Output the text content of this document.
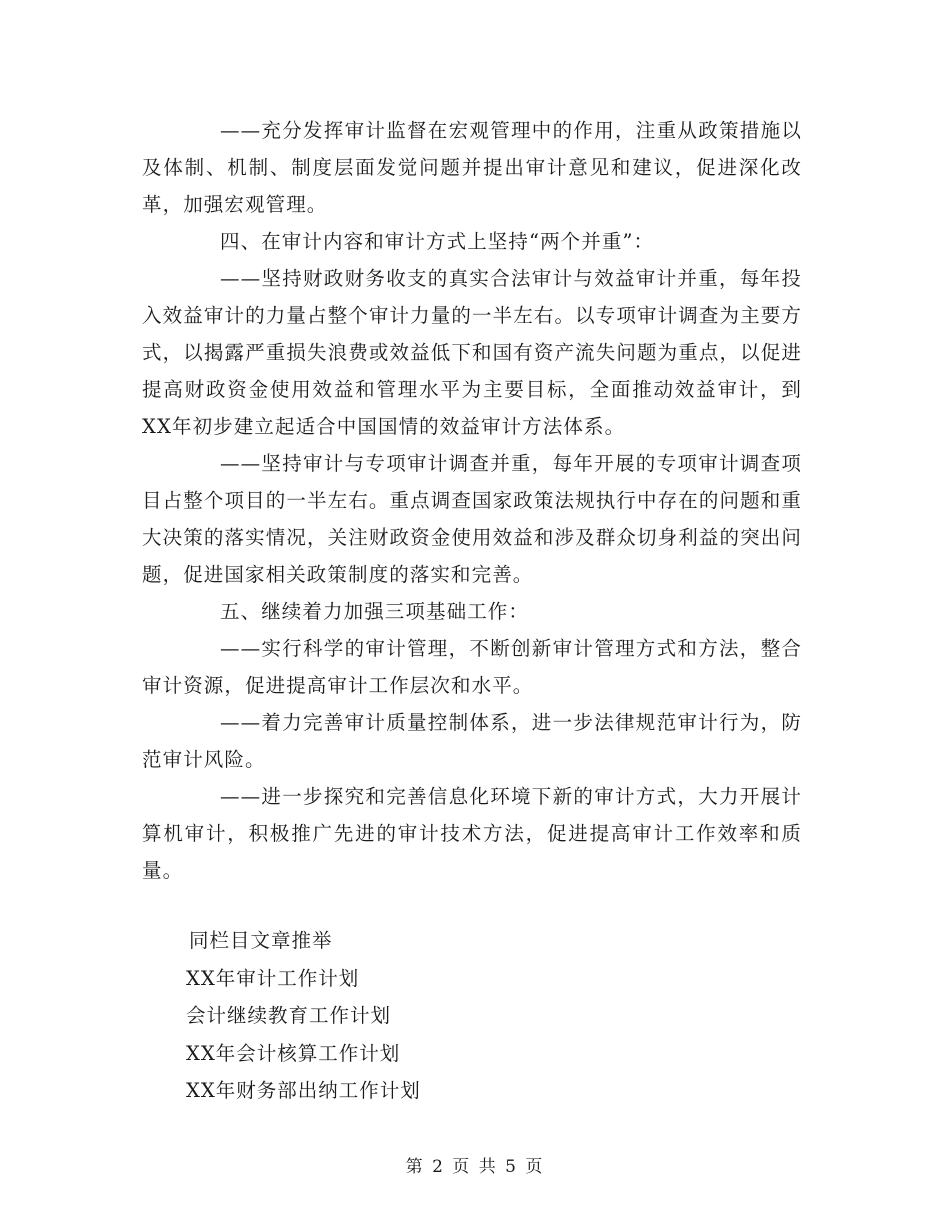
——充分发挥审计监督在宏观管理中的作用，注重从政策措施以及体制、机制、制度层面发觉问题并提出审计意见和建议，促进深化改革，加强宏观管理。

四、在审计内容和审计方式上坚持“两个并重”：

——坚持财政财务收支的真实合法审计与效益审计并重，每年投入效益审计的力量占整个审计力量的一半左右。以专项审计调查为主要方式，以揭露严重损失浪费或效益低下和国有资产流失问题为重点，以促进提高财政资金使用效益和管理水平为主要目标，全面推动效益审计，到XX年初步建立起适合中国国情的效益审计方法体系。

——坚持审计与专项审计调查并重，每年开展的专项审计调查项目占整个项目的一半左右。重点调查国家政策法规执行中存在的问题和重大决策的落实情况，关注财政资金使用效益和涉及群众切身利益的突出问题，促进国家相关政策制度的落实和完善。

五、继续着力加强三项基础工作：

——实行科学的审计管理，不断创新审计管理方式和方法，整合审计资源，促进提高审计工作层次和水平。

——着力完善审计质量控制体系，进一步法律规范审计行为，防范审计风险。

——进一步探究和完善信息化环境下新的审计方式，大力开展计算机审计，积极推广先进的审计技术方法，促进提高审计工作效率和质量。

同栏目文章推举
XX年审计工作计划
会计继续教育工作计划
XX年会计核算工作计划
XX年财务部出纳工作计划
第 2 页 共 5 页
